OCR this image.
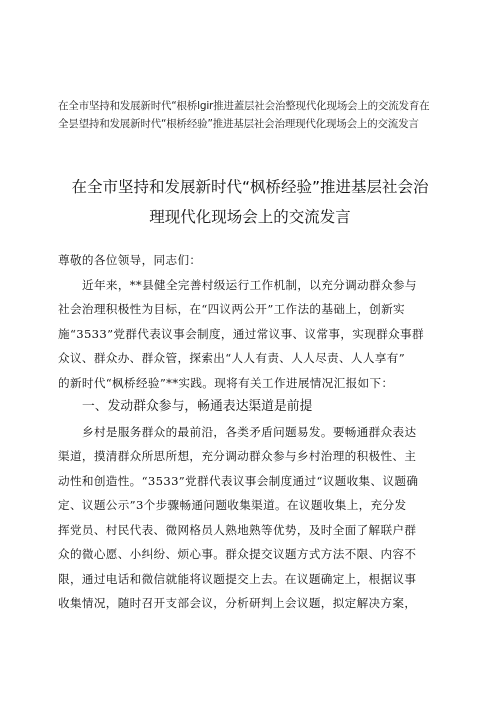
在全市坚持和发展新时代“根桥lgir推进蓋层社会治整现代化现场会上的交流发育在
全昙望持和发展新时代“根桥经验”推进基层社会治理现代化现场会上的交流发言
在全市坚持和发展新时代“枫桥经验”推进基层社会治
理现代化现场会上的交流发言
尊敬的各位领导，同志们：
近年来，**县健全完善村级运行工作机制，以充分调动群众参与
社会治理积极性为目标，在“四议两公开”工作法的基础上，创新实
施“3533”党群代表议事会制度，通过常议事、议常事，实现群众事群
众议、群众办、群众管，探索出“人人有责、人人尽责、人人享有”
的新时代“枫桥经验”**实践。现将有关工作进展情况汇报如下：
一、发动群众参与，畅通表达渠道是前提
乡村是服务群众的最前沿，各类矛盾问题易发。要畅通群众表达
渠道，摸清群众所思所想，充分调动群众参与乡村治理的积极性、主
动性和创造性。“3533”党群代表议事会制度通过“议题收集、议题确
定、议题公示”3个步骤畅通问题收集渠道。在议题收集上，充分发
挥党员、村民代表、微网格员人熟地熟等优势，及时全面了解联户群
众的微心愿、小纠纷、烦心事。群众提交议题方式方法不限、内容不
限，通过电话和微信就能将议题提交上去。在议题确定上，根据议事
收集情况，随时召开支部会议，分析研判上会议题，拟定解决方案，
